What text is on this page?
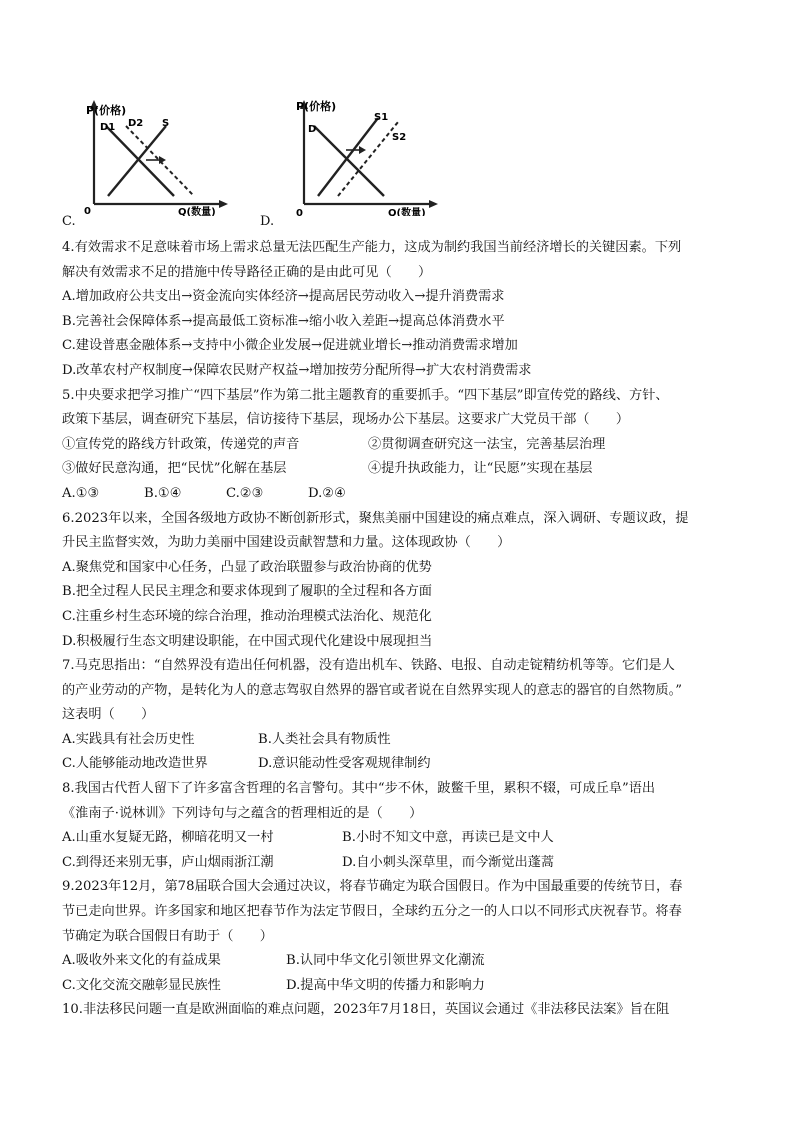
P(价格)
D1 D2 S
0	Q(数量)
C.
P(价格)
D
S1
S2
0	Q(数量)
D.
4.有效需求不足意味着市场上需求总量无法匹配生产能力，这成为制约我国当前经济增长的关键因素。下列
解决有效需求不足的措施中传导路径正确的是由此可见（　　）
A.增加政府公共支出→资金流向实体经济→提高居民劳动收入→提升消费需求
B.完善社会保障体系→提高最低工资标准→缩小收入差距→提高总体消费水平
C.建设普惠金融体系→支持中小微企业发展→促进就业增长→推动消费需求增加
D.改革农村产权制度→保障农民财产权益→增加按劳分配所得→扩大农村消费需求
5.中央要求把学习推广“四下基层”作为第二批主题教育的重要抓手。“四下基层”即宣传党的路线、方针、
政策下基层，调查研究下基层，信访接待下基层，现场办公下基层。这要求广大党员干部（　　）
①宣传党的路线方针政策，传递党的声音	②贯彻调查研究这一法宝，完善基层治理
③做好民意沟通，把“民忧”化解在基层	④提升执政能力，让“民愿”实现在基层
A.①③	B.①④	C.②③	D.②④
6.2023年以来，全国各级地方政协不断创新形式，聚焦美丽中国建设的痛点难点，深入调研、专题议政，提
升民主监督实效，为助力美丽中国建设贡献智慧和力量。这体现政协（　　）
A.聚焦党和国家中心任务，凸显了政治联盟参与政治协商的优势
B.把全过程人民民主理念和要求体现到了履职的全过程和各方面
C.注重乡村生态环境的综合治理，推动治理模式法治化、规范化
D.积极履行生态文明建设职能，在中国式现代化建设中展现担当
7.马克思指出：“自然界没有造出任何机器，没有造出机车、铁路、电报、自动走锭精纺机等等。它们是人
的产业劳动的产物，是转化为人的意志驾驭自然界的器官或者说在自然界实现人的意志的器官的自然物质。”
这表明（　　）
A.实践具有社会历史性	B.人类社会具有物质性
C.人能够能动地改造世界	D.意识能动性受客观规律制约
8.我国古代哲人留下了许多富含哲理的名言警句。其中“步不休，跛鳖千里，累积不辍，可成丘阜”语出
《淮南子·说林训》下列诗句与之蕴含的哲理相近的是（　　）
A.山重水复疑无路，柳暗花明又一村	B.小时不知文中意，再读已是文中人
C.到得还来别无事，庐山烟雨浙江潮	D.自小刺头深草里，而今渐觉出蓬蒿
9.2023年12月，第78届联合国大会通过决议，将春节确定为联合国假日。作为中国最重要的传统节日，春
节已走向世界。许多国家和地区把春节作为法定节假日，全球约五分之一的人口以不同形式庆祝春节。将春
节确定为联合国假日有助于（　　）
A.吸收外来文化的有益成果	B.认同中华文化引领世界文化潮流
C.文化交流交融彰显民族性	D.提高中华文明的传播力和影响力
10.非法移民问题一直是欧洲面临的难点问题，2023年7月18日，英国议会通过《非法移民法案》旨在阻
